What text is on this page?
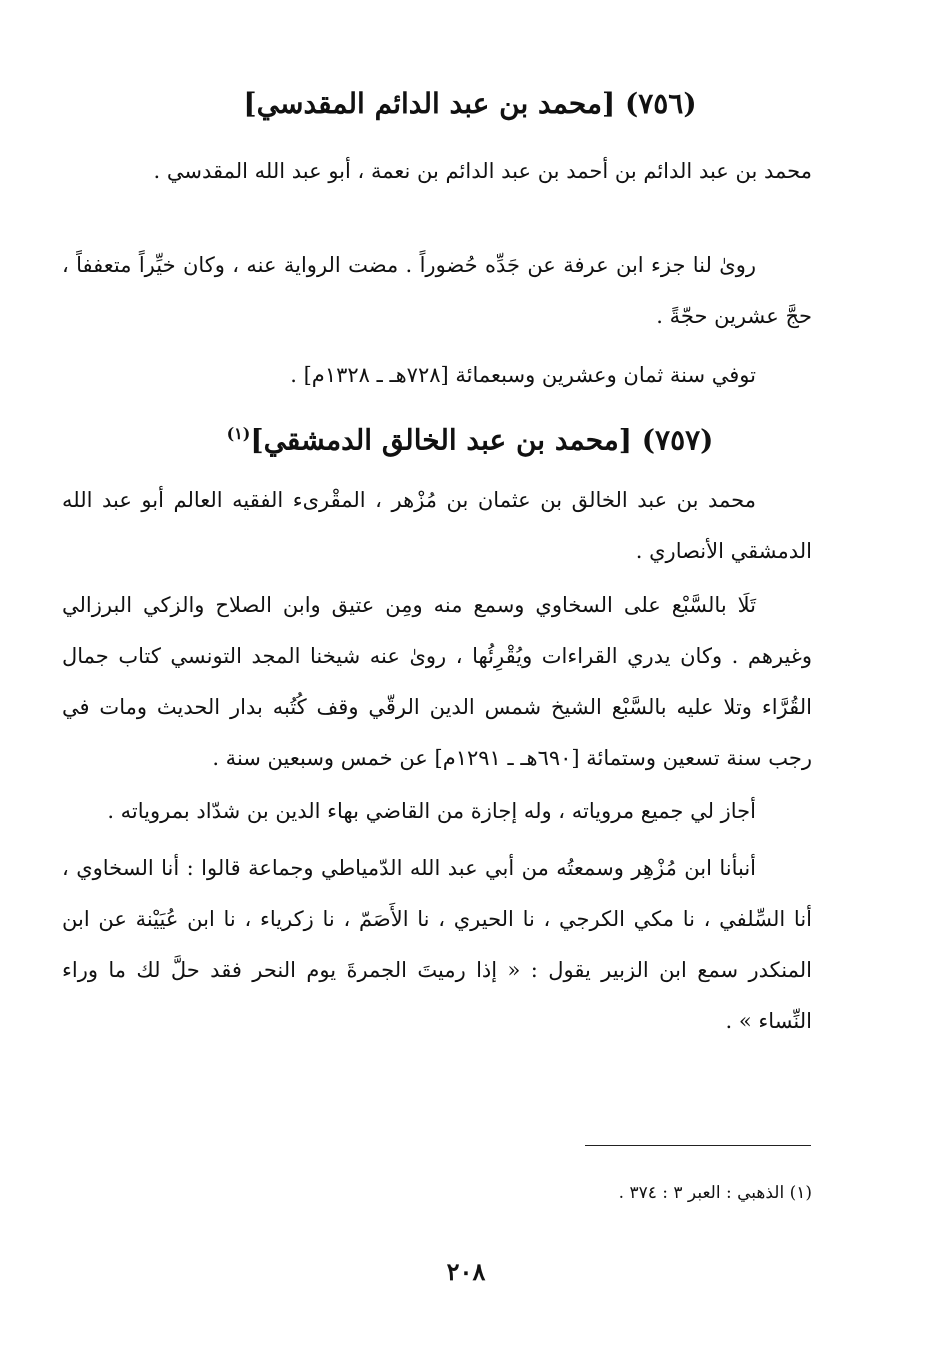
(٧٥٦) [محمد بن عبد الدائم المقدسي]

محمد بن عبد الدائم بن أحمد بن عبد الدائم بن نعمة ، أبو عبد الله المقدسي .

روىٰ لنا جزء ابن عرفة عن جَدِّه حُضوراً . مضت الرواية عنه ، وكان خيِّراً متعففاً ، حجَّ عشرين حجّةً .

توفي سنة ثمان وعشرين وسبعمائة [٧٢٨هـ ـ ١٣٢٨م] .

(٧٥٧) [محمد بن عبد الخالق الدمشقي]$^{(١)}$

محمد بن عبد الخالق بن عثمان بن مُزْهر ، المقْرىء الفقيه العالم أبو عبد الله الدمشقي الأنصاري .

تَلَا بالسَّبْع على السخاوي وسمع منه ومِن عتيق وابن الصلاح والزكي البرزالي وغيرهم . وكان يدري القراءات ويُقْرِئُها ، روىٰ عنه شيخنا المجد التونسي كتاب جمال القُرَّاء وتلا عليه بالسَّبْع الشيخ شمس الدين الرقّي وقف كُتُبه بدار الحديث ومات في رجب سنة تسعين وستمائة [٦٩٠هـ ـ ١٢٩١م] عن خمس وسبعين سنة .

أجاز لي جميع مروياته ، وله إجازة من القاضي بهاء الدين بن شدّاد بمروياته .

أنبأنا ابن مُزْهِر وسمعتُه من أبي عبد الله الدّمياطي وجماعة قالوا : أنا السخاوي ، أنا السِّلفي ، نا مكي الكرجي ، نا الحيري ، نا الأَصَمّ ، نا زكرياء ، نا ابن عُيَيْنة عن ابن المنكدر سمع ابن الزبير يقول : « إذا رميتَ الجمرةَ يوم النحر فقد حلَّ لك ما وراء النِّساء » .

(١) الذهبي : العبر ٣ : ٣٧٤ .

٢٠٨
